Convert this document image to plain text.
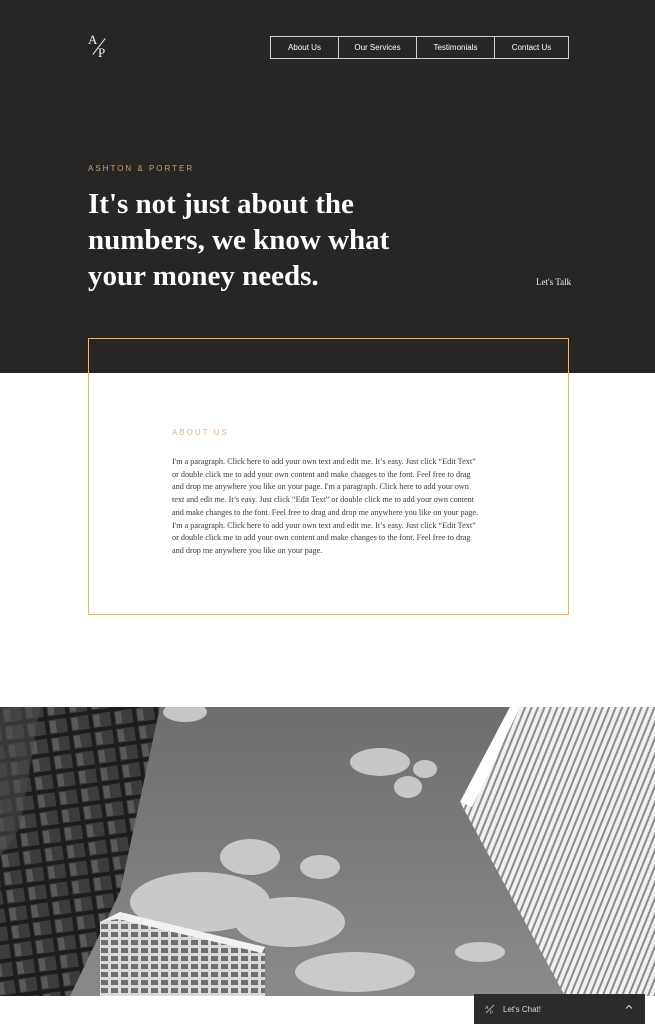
A
P	About Us	Our Services	Testimonials	Contact Us
ASHTON & PORTER
It's not just about the numbers, we know what your money needs.	Let's Talk
ABOUT US

I'm a paragraph. Click here to add your own text and edit me. It’s easy. Just click “Edit Text” or double click me to add your own content and make changes to the font. Feel free to drag and drop me anywhere you like on your page. I'm a paragraph. Click here to add your own text and edit me. It’s easy. Just click “Edit Text” or double click me to add your own content and make changes to the font. Feel free to drag and drop me anywhere you like on your page. I'm a paragraph. Click here to add your own text and edit me. It’s easy. Just click “Edit Text” or double click me to add your own content and make changes to the font. Feel free to drag and drop me anywhere you like on your page.

A
P Let's Chat!
